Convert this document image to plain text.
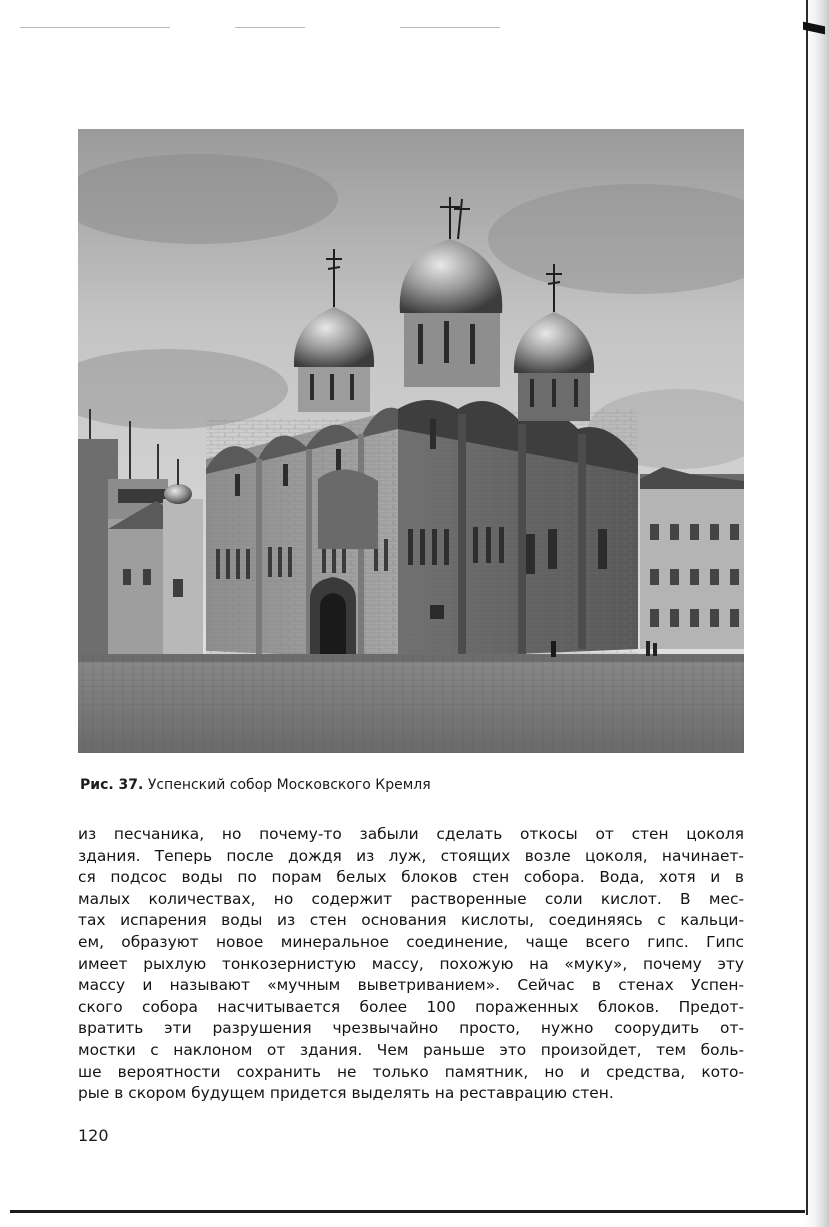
Рис. 37. Успенский собор Московского Кремля
из песчаника, но почему-то забыли сделать откосы от стен цоколя
здания. Теперь после дождя из луж, стоящих возле цоколя, начинает-
ся подсос воды по порам белых блоков стен собора. Вода, хотя и в
малых количествах, но содержит растворенные соли кислот. В мес-
тах испарения воды из стен основания кислоты, соединяясь с кальци-
ем, образуют новое минеральное соединение, чаще всего гипс. Гипс
имеет рыхлую тонкозернистую массу, похожую на «муку», почему эту
массу и называют «мучным выветриванием». Сейчас в стенах Успен-
ского собора насчитывается более 100 пораженных блоков. Предот-
вратить эти разрушения чрезвычайно просто, нужно соорудить от-
мостки с наклоном от здания. Чем раньше это произойдет, тем боль-
ше вероятности сохранить не только памятник, но и средства, кото-
рые в скором будущем придется выделять на реставрацию стен.
120
